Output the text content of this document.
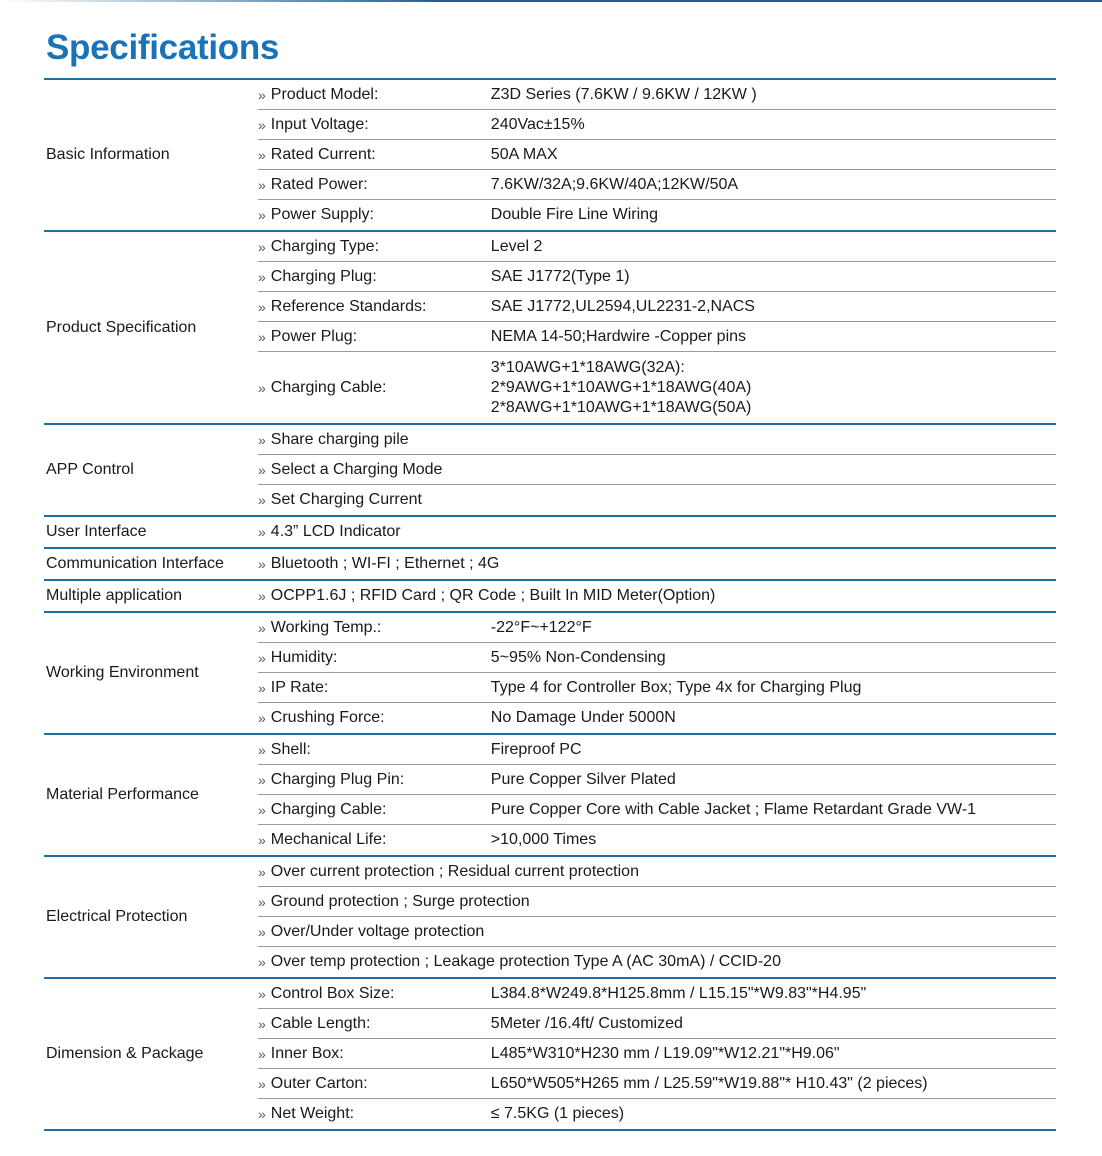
Specifications
Basic Information
» Product Model:	Z3D Series (7.6KW / 9.6KW / 12KW )
» Input Voltage:	240Vac±15%
» Rated Current:	50A MAX
» Rated Power:	7.6KW/32A;9.6KW/40A;12KW/50A
» Power Supply:	Double Fire Line Wiring
Product Specification
» Charging Type:	Level 2
» Charging Plug:	SAE J1772(Type 1)
» Reference Standards:	SAE J1772,UL2594,UL2231-2,NACS
» Power Plug:	NEMA 14-50;Hardwire -Copper pins
» Charging Cable:
3*10AWG+1*18AWG(32A):
2*9AWG+1*10AWG+1*18AWG(40A)
2*8AWG+1*10AWG+1*18AWG(50A)
APP Control
» Share charging pile
» Select a Charging Mode
» Set Charging Current
User Interface	» 4.3” LCD Indicator
Communication Interface	» Bluetooth ; WI-FI ; Ethernet ; 4G
Multiple application	» OCPP1.6J ; RFID Card ; QR Code ; Built In MID Meter(Option)
Working Environment
» Working Temp.:	-22°F~+122°F
» Humidity:	5~95% Non-Condensing
» IP Rate:	Type 4 for Controller Box; Type 4x for Charging Plug
» Crushing Force:	No Damage Under 5000N
Material Performance
» Shell:	Fireproof PC
» Charging Plug Pin:	Pure Copper Silver Plated
» Charging Cable:	Pure Copper Core with Cable Jacket ; Flame Retardant Grade VW-1
» Mechanical Life:	>10,000 Times
Electrical Protection
» Over current protection ; Residual current protection
» Ground protection ; Surge protection
» Over/Under voltage protection
» Over temp protection ; Leakage protection Type A (AC 30mA) / CCID-20
Dimension & Package
» Control Box Size:	L384.8*W249.8*H125.8mm / L15.15"*W9.83"*H4.95"
» Cable Length:	5Meter /16.4ft/ Customized
» Inner Box:	L485*W310*H230 mm / L19.09"*W12.21"*H9.06"
» Outer Carton:	L650*W505*H265 mm / L25.59"*W19.88"* H10.43" (2 pieces)
» Net Weight:	≤ 7.5KG (1 pieces)
